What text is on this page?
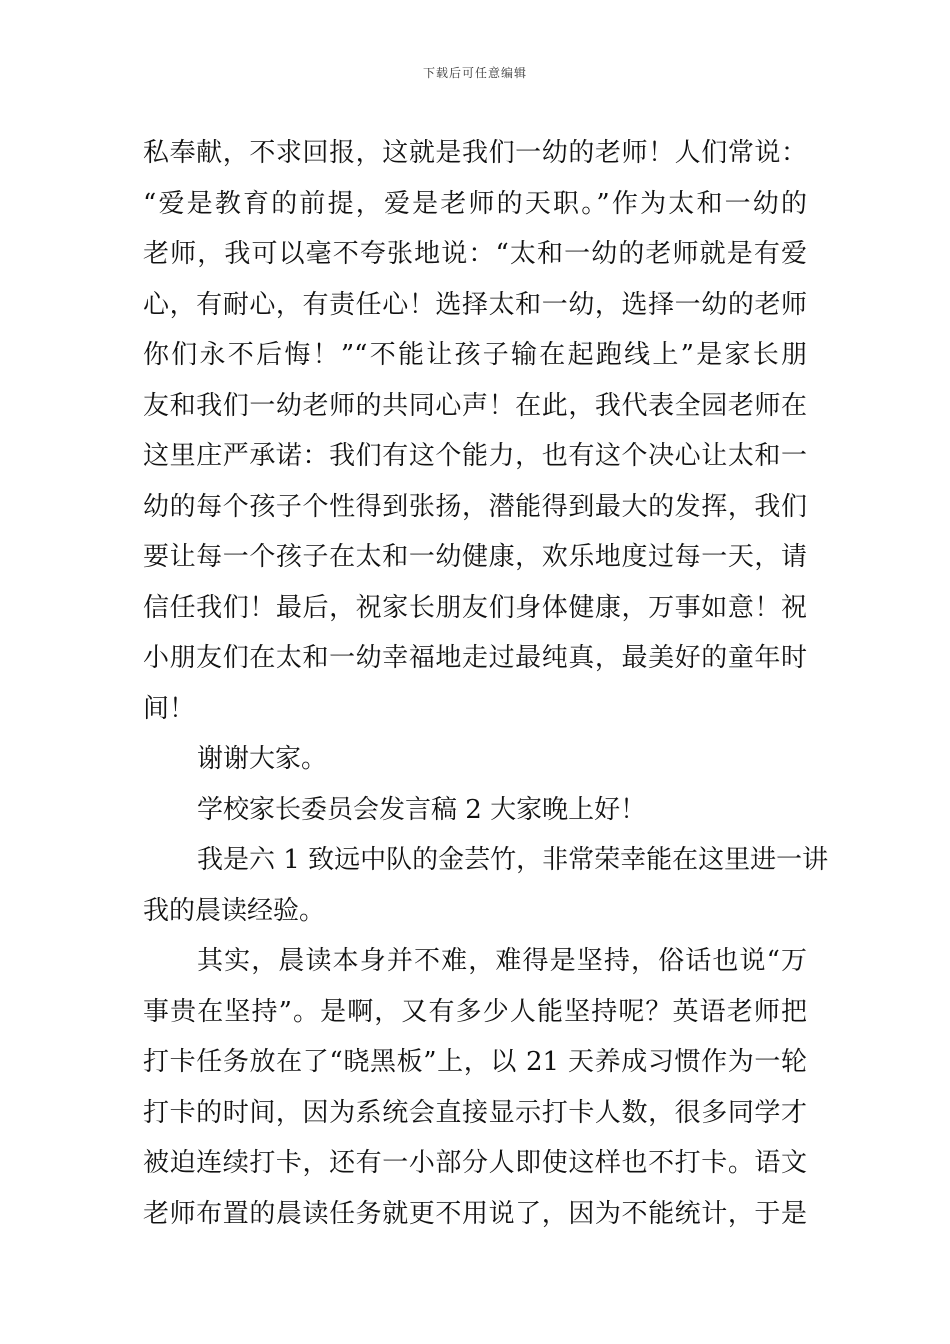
下载后可任意编辑
私奉献，不求回报，这就是我们一幼的老师！人们常说：
“爱是教育的前提，爱是老师的天职。”作为太和一幼的
老师，我可以毫不夸张地说：“太和一幼的老师就是有爱
心，有耐心，有责任心！选择太和一幼，选择一幼的老师
你们永不后悔！”“不能让孩子输在起跑线上”是家长朋
友和我们一幼老师的共同心声！在此，我代表全园老师在
这里庄严承诺：我们有这个能力，也有这个决心让太和一
幼的每个孩子个性得到张扬，潜能得到最大的发挥，我们
要让每一个孩子在太和一幼健康，欢乐地度过每一天，请
信任我们！最后，祝家长朋友们身体健康，万事如意！祝
小朋友们在太和一幼幸福地走过最纯真，最美好的童年时
间！
谢谢大家。
学校家长委员会发言稿 2 大家晚上好！
我是六 1 致远中队的金芸竹，非常荣幸能在这里进一讲
我的晨读经验。
其实，晨读本身并不难，难得是坚持，俗话也说“万
事贵在坚持”。是啊，又有多少人能坚持呢？英语老师把
打卡任务放在了“晓黑板”上，以 21 天养成习惯作为一轮
打卡的时间，因为系统会直接显示打卡人数，很多同学才
被迫连续打卡，还有一小部分人即使这样也不打卡。语文
老师布置的晨读任务就更不用说了，因为不能统计，于是
